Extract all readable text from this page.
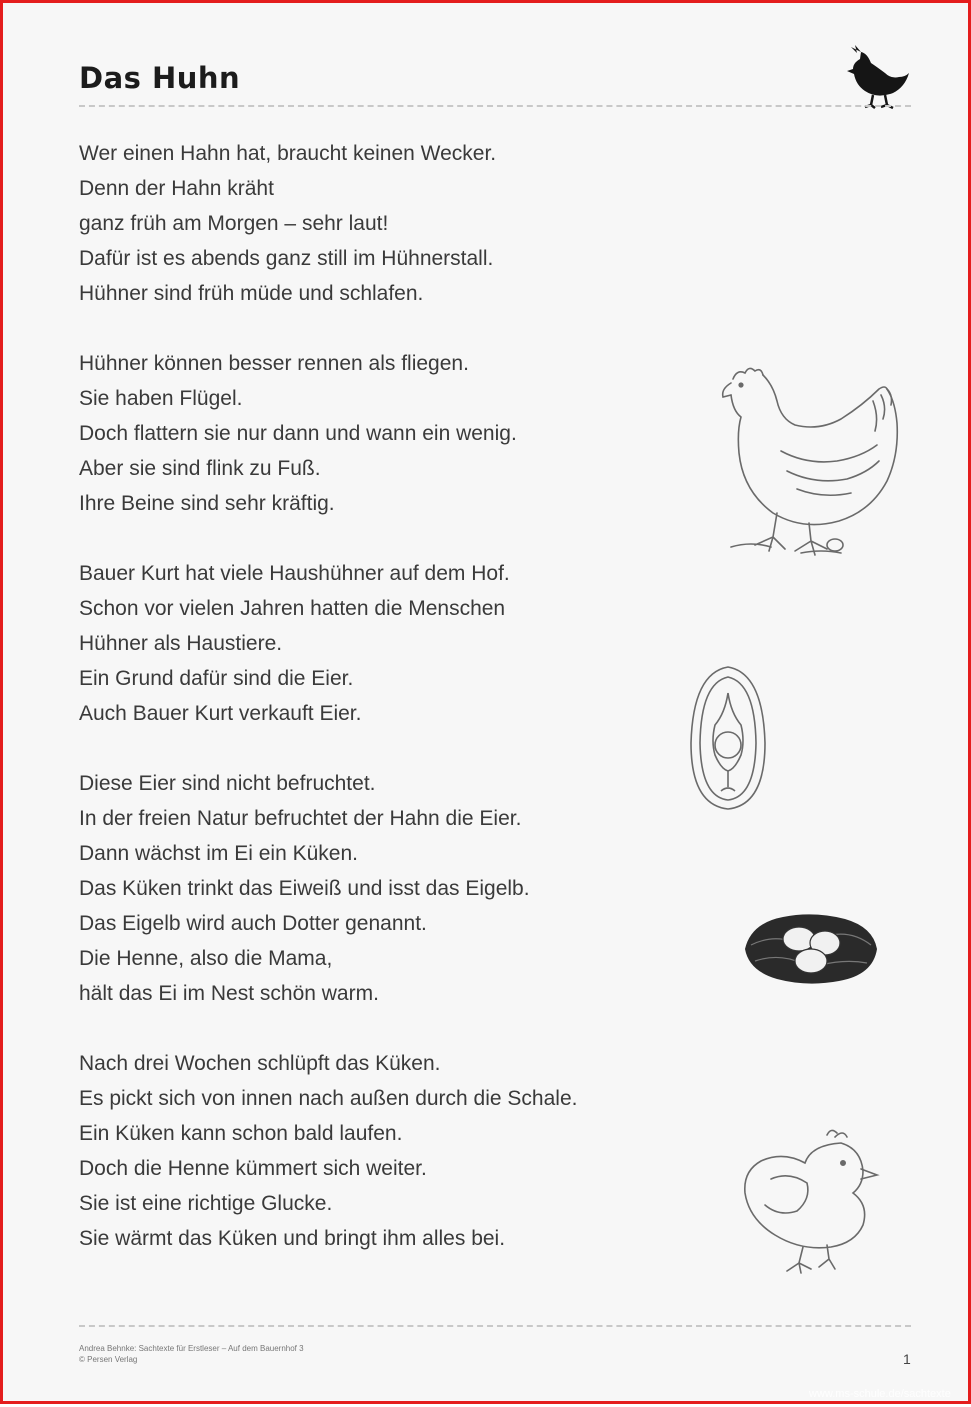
Das Huhn
Wer einen Hahn hat, braucht keinen Wecker.
Denn der Hahn kräht
ganz früh am Morgen – sehr laut!
Dafür ist es abends ganz still im Hühnerstall.
Hühner sind früh müde und schlafen.
Hühner können besser rennen als fliegen.
Sie haben Flügel.
Doch flattern sie nur dann und wann ein wenig.
Aber sie sind flink zu Fuß.
Ihre Beine sind sehr kräftig.
Bauer Kurt hat viele Haushühner auf dem Hof.
Schon vor vielen Jahren hatten die Menschen
Hühner als Haustiere.
Ein Grund dafür sind die Eier.
Auch Bauer Kurt verkauft Eier.
Diese Eier sind nicht befruchtet.
In der freien Natur befruchtet der Hahn die Eier.
Dann wächst im Ei ein Küken.
Das Küken trinkt das Eiweiß und isst das Eigelb.
Das Eigelb wird auch Dotter genannt.
Die Henne, also die Mama,
hält das Ei im Nest schön warm.
Nach drei Wochen schlüpft das Küken.
Es pickt sich von innen nach außen durch die Schale.
Ein Küken kann schon bald laufen.
Doch die Henne kümmert sich weiter.
Sie ist eine richtige Glucke.
Sie wärmt das Küken und bringt ihm alles bei.
Andrea Behnke: Sachtexte für Erstleser – Auf dem Bauernhof 3
© Persen Verlag	1
www.ms-schule.de/sachtexte
